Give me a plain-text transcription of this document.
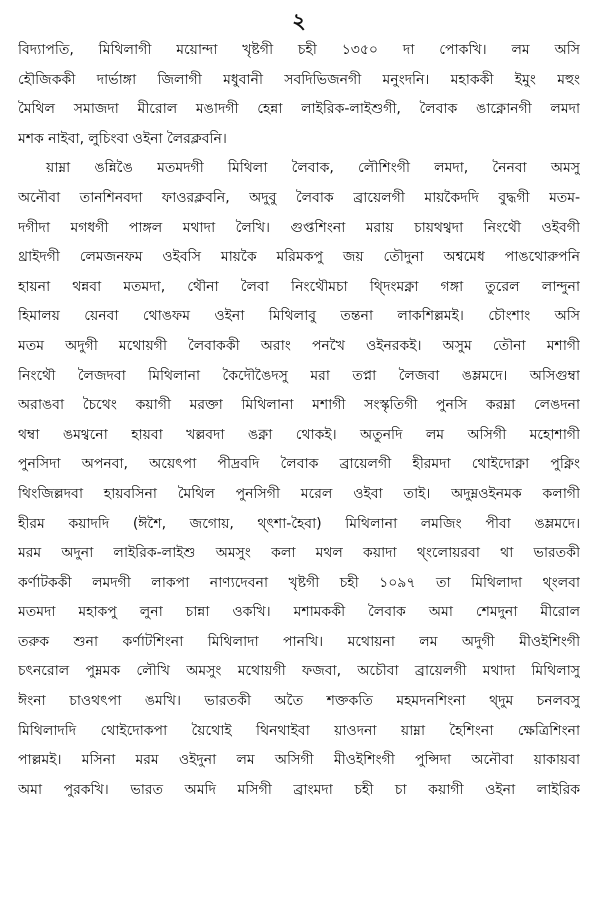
২
বিদ্যাপতি, মিথিলাগী ময়োন্দা খৃষ্টগী চহী ১৩৫০ দা পোকখি। লম অসি
হৌজিককী দার্ভাঙ্গা জিলাগী মধুবানী সবদিভিজনগী মনুংদনি। মহাককী ইমুং মহুং
মৈথিল সমাজদা মীরোল মঙাদগী হেন্না লাইরিক-লাইশুগী, লৈবাক ঙাক্নোনগী লমদা
মশক নাইবা, লুচিংবা ওইনা লৈরক্লবনি।
য়াম্না ঙন্নিঙৈ মতমদগী মিথিলা লৈবাক, লৌশিংগী লমদা, নৈনবা অমসু
অনৌবা তানশিনবদা ফাওরক্লবনি, অদুবু লৈবাক ব্রায়েলগী মায়কৈদদি বুদ্ধগী মতম-
দগীদা মগধগী পাঙ্গল মথাদা লৈখি। গুপ্তশিংনা মরায় চায়থথ্বদা নিংথৌ ওইবগী
থ্রাইদগী লেমজনফম ওইবসি মায়কৈ মরিমকপু জয় তৌদুনা অশ্বমেধ পাঙথোরুপনি
হায়না থন্নবা মতমদা, থৌনা লৈবা নিংথৌমচা থ্দিংমক্না গঙ্গা তুরেল লান্দুনা
হিমালয় য়েনবা থোঙফম ওইনা মিথিলাবু তন্তনা লাকশিল্লমই। চৌংশাং অসি
মতম অদুগী মথোয়গী লৈবাককী অরাং পনখৈ ওইনরকই। অসুম তৌনা মশাগী
নিংথৌ লৈজদবা মিথিলানা কৈদৌঙৈদসু মরা তপ্না লৈজবা ঙম্লমদে। অসিগুম্বা
অরাঙবা চৈথেং কয়াগী মরক্তা মিথিলানা মশাগী সংস্কৃতিগী পুনসি করম্না লেঙদনা
থম্বা ঙমথ্বনো হায়বা খল্লবদা ঙক্না থোকই। অতুনদি লম অসিগী মহোশাগী
পুনসিদা অপনবা, অয়েৎপা পীদ্রবদি লৈবাক ব্রায়েলগী হীরমদা থোইদোক্না পুক্নিং
থিংজিল্লদবা হায়বসিনা মৈথিল পুনসিগী মরেল ওইবা তাই। অদুম্নওইনমক কলাগী
হীরম কয়াদদি (ঈশৈ, জগোয়, থ্ৎশা-হৈবা) মিথিলানা লমজিং পীবা ঙম্লমদে।
মরম অদুনা লাইরিক-লাইশু অমসুং কলা মথল কয়াদা থ্ংলোয়রবা থা ভারতকী
কর্ণাটককী লমদগী লাকপা নাণ্যদেবনা খৃষ্টগী চহী ১০৯৭ তা মিথিলাদা থ্ংলবা
মতমদা মহাকপু লুনা চান্না ওকখি। মশামককী লৈবাক অমা শেমদুনা মীরোল
তরুক শুনা কর্ণাটশিংনা মিথিলাদা পানখি। মথোয়না লম অদুগী মীওইশিংগী
চৎনরোল পুম্নমক লৌখি অমসুং মথোয়গী ফজবা, অচৌবা ব্রায়েলগী মথাদা মিথিলাসু
ঈংনা চাওথৎপা ঙমখি। ভারতকী অতৈ শক্তকতি মহমদনশিংনা থ্দুম চনলবসু
মিথিলাদদি থোইদোকপা য়ৈথোই থিনথাইবা য়াওদনা য়াম্না হৈশিংনা ক্ষেত্রিশিংনা
পাল্লমই। মসিনা মরম ওইদুনা লম অসিগী মীওইশিংগী পুন্সিদা অনৌবা য়াকায়বা
অমা পুরকখি। ভারত অমদি মসিগী ব্রাংমদা চহী চা কয়াগী ওইনা লাইরিক
